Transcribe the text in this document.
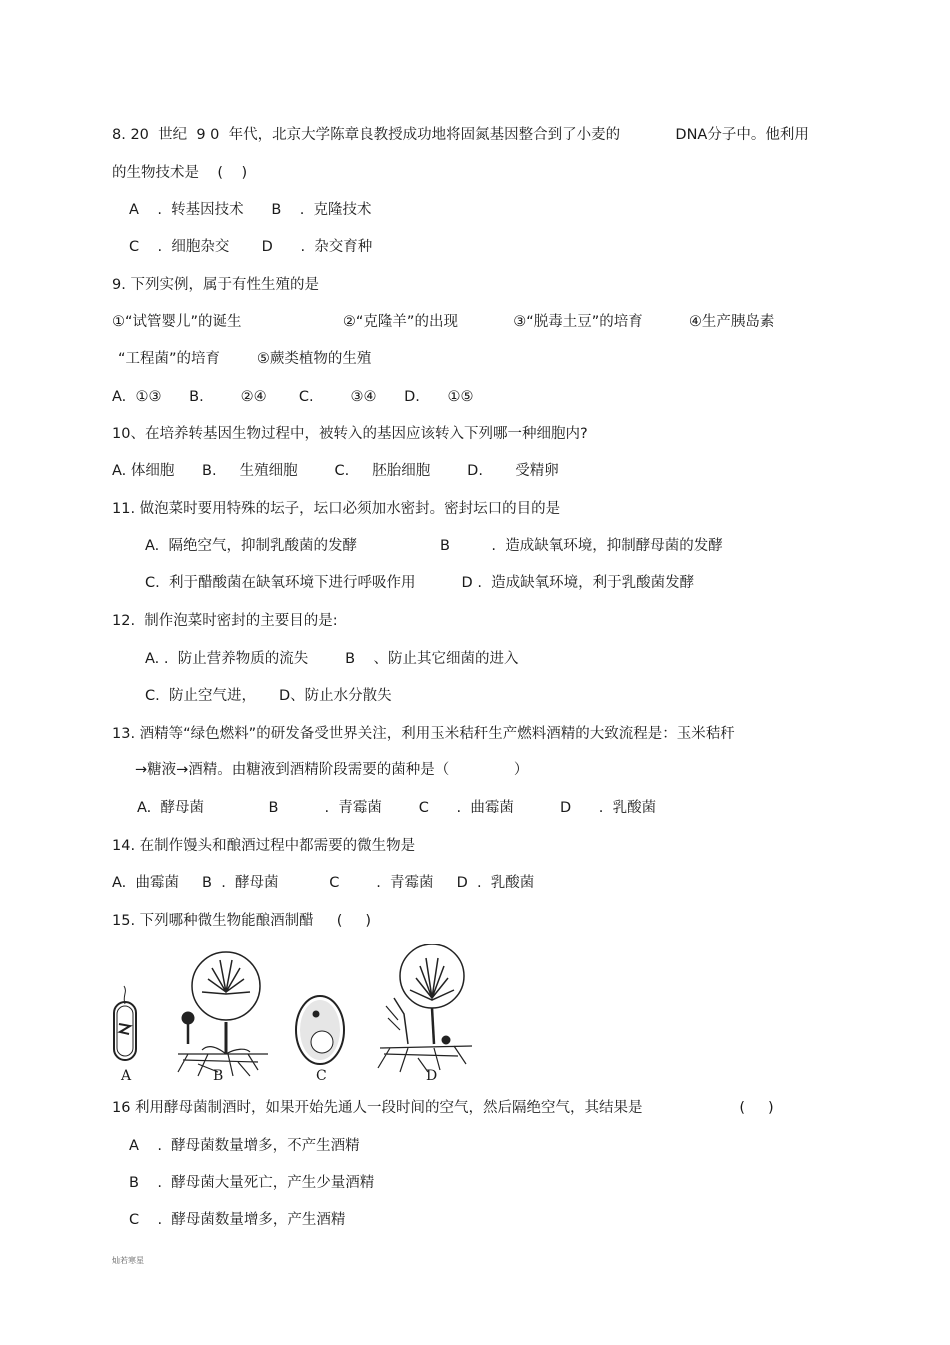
8. 20  世纪  9 0  年代，北京大学陈章良教授成功地将固氮基因整合到了小麦的            DNA分子中。他利用
的生物技术是    (    )
A    .  转基因技术      B    .  克隆技术
C    .  细胞杂交       D      .  杂交育种
9. 下列实例，属于有性生殖的是
①“试管婴儿”的诞生                      ②“克隆羊”的出现            ③“脱毒土豆”的培育          ④生产胰岛素
“工程菌”的培育        ⑤蕨类植物的生殖
A.  ①③      B.        ②④       C.        ③④      D.      ①⑤
10、在培养转基因生物过程中，被转入的基因应该转入下列哪一种细胞内?
A. 体细胞      B.     生殖细胞        C.     胚胎细胞        D.       受精卵
11. 做泡菜时要用特殊的坛子，坛口必须加水密封。密封坛口的目的是
A.  隔绝空气，抑制乳酸菌的发酵                  B         .  造成缺氧环境，抑制酵母菌的发酵
C.  利于醋酸菌在缺氧环境下进行呼吸作用          D .  造成缺氧环境，利于乳酸菌发酵
12.  制作泡菜时密封的主要目的是:
A. .  防止营养物质的流失        B    、防止其它细菌的进入
C.  防止空气进，     D、防止水分散失
13. 酒精等“绿色燃料”的研发备受世界关注，利用玉米秸秆生产燃料酒精的大致流程是：玉米秸秆
→糖液→酒精。由糖液到酒精阶段需要的菌种是（              ）
A.  酵母菌              B          .  青霉菌        C      .  曲霉菌          D      .  乳酸菌
14. 在制作馒头和酿酒过程中都需要的微生物是
A.  曲霉菌     B  .  酵母菌           C        .  青霉菌     D  .  乳酸菌
15. 下列哪种微生物能酿酒制醋     (     )
A	B	C	D
16 利用酵母菌制酒时，如果开始先通人一段时间的空气，然后隔绝空气，其结果是                     (     )
A    .  酵母菌数量增多，不产生酒精
B    .  酵母菌大量死亡，产生少量酒精
C    .  酵母菌数量增多，产生酒精
灿若寒星
